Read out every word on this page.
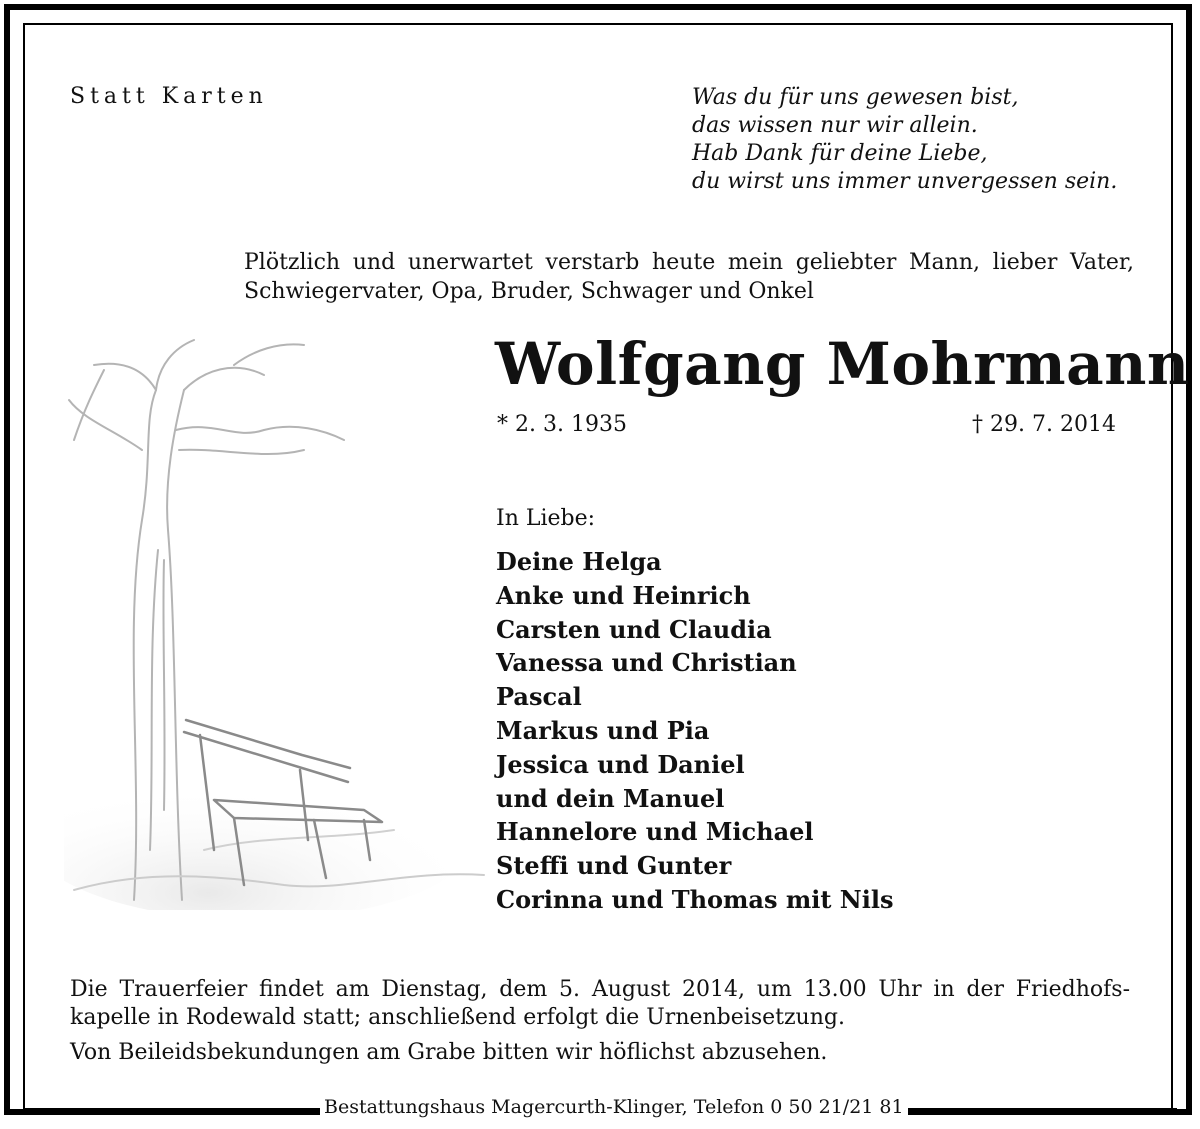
Statt Karten	Was du für uns gewesen bist,
das wissen nur wir allein.
Hab Dank für deine Liebe,
du wirst uns immer unvergessen sein.
Plötzlich und unerwartet verstarb heute mein geliebter Mann, lieber Vater, Schwiegervater, Opa, Bruder, Schwager und Onkel
Wolfgang Mohrmann
* 2. 3. 1935	† 29. 7. 2014
In Liebe:
Deine Helga
Anke und Heinrich
Carsten und Claudia
Vanessa und Christian
Pascal
Markus und Pia
Jessica und Daniel
und dein Manuel
Hannelore und Michael
Steffi und Gunter
Corinna und Thomas mit Nils
Die Trauerfeier findet am Dienstag, dem 5. August 2014, um 13.00 Uhr in der Friedhofskapelle in Rodewald statt; anschließend erfolgt die Urnenbeisetzung.
Von Beileidsbekundungen am Grabe bitten wir höflichst abzusehen.
Bestattungshaus Magercurth-Klinger, Telefon 0 50 21/21 81
